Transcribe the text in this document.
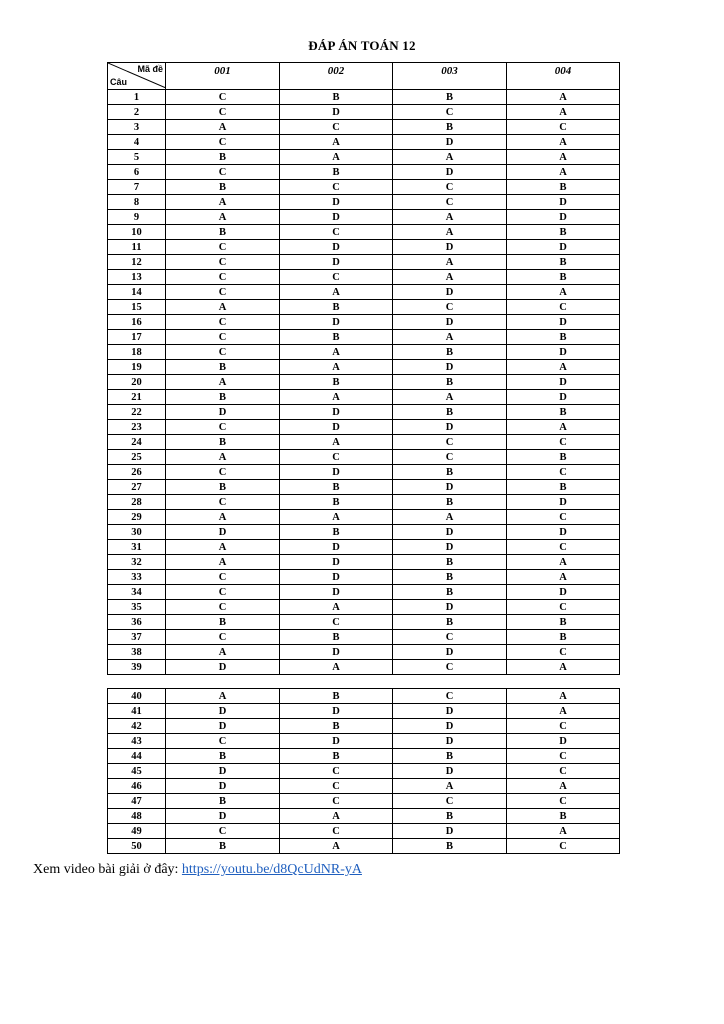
ĐÁP ÁN TOÁN 12
Mã đề
Câu	001	002	003	004
1	C	B	B	A
2	C	D	C	A
3	A	C	B	C
4	C	A	D	A
5	B	A	A	A
6	C	B	D	A
7	B	C	C	B
8	A	D	C	D
9	A	D	A	D
10	B	C	A	B
11	C	D	D	D
12	C	D	A	B
13	C	C	A	B
14	C	A	D	A
15	A	B	C	C
16	C	D	D	D
17	C	B	A	B
18	C	A	B	D
19	B	A	D	A
20	A	B	B	D
21	B	A	A	D
22	D	D	B	B
23	C	D	D	A
24	B	A	C	C
25	A	C	C	B
26	C	D	B	C
27	B	B	D	B
28	C	B	B	D
29	A	A	A	C
30	D	B	D	D
31	A	D	D	C
32	A	D	B	A
33	C	D	B	A
34	C	D	B	D
35	C	A	D	C
36	B	C	B	B
37	C	B	C	B
38	A	D	D	C
39	D	A	C	A
40	A	B	C	A
41	D	D	D	A
42	D	B	D	C
43	C	D	D	D
44	B	B	B	C
45	D	C	D	C
46	D	C	A	A
47	B	C	C	C
48	D	A	B	B
49	C	C	D	A
50	B	A	B	C
Xem video bài giải ở đây: https://youtu.be/d8QcUdNR-yA
